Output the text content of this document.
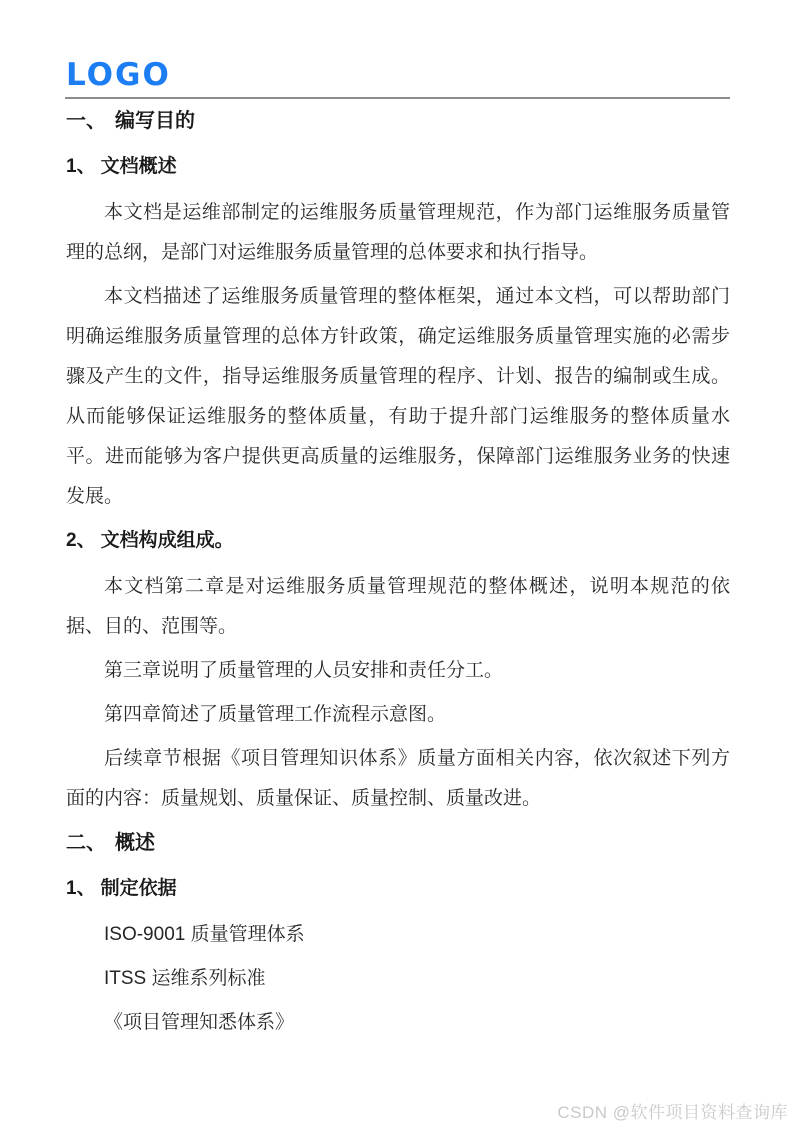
LOGO
一、 编写目的
1、 文档概述

本文档是运维部制定的运维服务质量管理规范，作为部门运维服务质量管理的总纲，是部门对运维服务质量管理的总体要求和执行指导。

本文档描述了运维服务质量管理的整体框架，通过本文档，可以帮助部门明确运维服务质量管理的总体方针政策，确定运维服务质量管理实施的必需步骤及产生的文件，指导运维服务质量管理的程序、计划、报告的编制或生成。从而能够保证运维服务的整体质量，有助于提升部门运维服务的整体质量水平。进而能够为客户提供更高质量的运维服务，保障部门运维服务业务的快速发展。

2、 文档构成组成。

本文档第二章是对运维服务质量管理规范的整体概述，说明本规范的依据、目的、范围等。

第三章说明了质量管理的人员安排和责任分工。

第四章简述了质量管理工作流程示意图。

后续章节根据《项目管理知识体系》质量方面相关内容，依次叙述下列方面的内容：质量规划、质量保证、质量控制、质量改进。

二、 概述
1、 制定依据

ISO-9001 质量管理体系

ITSS 运维系列标准

《项目管理知悉体系》

CSDN @软件项目资料查询库
